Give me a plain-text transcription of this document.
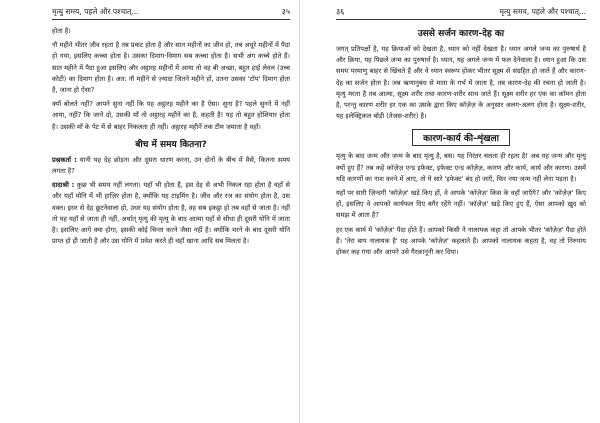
मृत्यु समय, पहले और पश्चात्...	३५

होता है।

नौ महीने भीतर जीव रहता है तब प्रकट होता है और सात महीनों का जीव हो, तब अधूरे महीनों में पैदा हो गया, इसलिए कच्चा होता है। उसका दिमाग-विमाग सब कच्चा होता है। सभी अंग कच्चे होते हैं। सात महीने में पैदा हुआ इसलिए और अट्ठारह महीनों में आया तो वह बी अच्छा, बहुत हाई लेवल (उच्च कोटी) का दिमाग होता है। अत: नौ महीने से ज़्यादा जितने महीने हों, उतना उसका 'टॉप' दिमाग होता है, जाना हो ऐसा?

क्यों बोलते नहीं? आपने सुना नहीं कि यह अट्ठारह महीने का है ऐसा। सुना है? पहले सुनने में नहीं आया, नहीं? कि जाने दो, उसकी माँ तो अट्ठारह महीने का है, कहती है! यह तो बहुत होशियार होता है। उसकी माँ के पेट में से बाहर निकलता ही नहीं। अट्ठारह महीनें तक टीम जमाता है वहाँ।

बीच में समय कितना?

प्रश्नकर्ता : यानी यह देह छोड़ना और दूसरा धारण करना, उन दोनों के बीच में वैसे, कितना समय लगता है?

दादाश्री : कुछ भी समय नहीं लगता। यहाँ भी होता है, इस देह से अभी निकल रहा होता है वहाँ से और यहाँ योनि में भी हाज़िर होता है, क्योंकि यह टाइमिंग है। जीव और रज का संयोग होता है, उस वक्त। इधर से देह छूटनेवाला हो, उधर यह संयोग होता है, वह सब इकट्ठा हो तब वहाँ से जाता है। नहीं तो यह यहाँ से जाता ही नहीं, अर्थात् मृत्यु की मृत्यु के बाद आत्मा यहाँ से सीधा ही दूसरी योनि में जाता है। इसलिए आगे क्या होगा, इसकी कोई चिन्ता करने जैसा नहीं है। क्योंकि मरने के बाद दूसरी योनि प्राप्त हो ही जाती है और उस योनि में प्रवेश करते ही वहाँ खाना आदि सब मिलता है।

३६	मृत्यु समय, पहले और पश्चात्...
उससे सर्जन कारण-देह का

जगत् प्रतिपक्षों है, यह क्रियाओं को देखता है, ध्यान को नहीं देखता है। ध्यान अगले जन्म का पुरुषार्थ है और क्रिया, यह पिछले जन्म का पुरुषार्थ है। ध्यान, यह अगले जन्म में फल देनेवाला है। ध्यान हुआ कि उस समय परमाणु बाहर से खिंचते हैं और वे ध्यान स्वरूप होकर भीतर सूक्ष्म से संग्रहित हो जाते हैं और कारण-देह का सर्जन होता है। जब ऋणानुबंध से माता के गर्भ में जाता है, तब कारण-देह की रचना हो जाती है। मृत्यु मरता है तब आत्मा, सूक्ष्म शरीर तथा कारण-शरीर साथ जाते हैं। सूक्ष्म शरीर हर एक का कॉमन होता है, परन्तु कारण शरीर हर एक का उसके द्वारा किए कॉज़ेज़ के अनुसार अलग-अलग होता है। सूक्ष्म-शरीर, यह इलेक्ट्रिकल बॉडी (तेजस-शरीर) है।

कारण-कार्य की-शृंखला

मृत्यु के बाद जन्म और जन्म के बाद मृत्यु है, बस। यह निरंतर चलता ही रहता है! अब यह जन्म और मृत्यु क्यों हुए हैं? तब कहे कॉज़ेज़ एन्ड इफेक्ट, इफेक्ट एन्ड कॉज़ेज़, कारण और कार्य, कार्य और कारण। उसमें यदि कारणों का नाश करने में आए, तो ये सारे 'इफेक्ट' बंद हो जाएँ, फिर नया जन्म नहीं लेना पड़ता है।

यहाँ पर सारी ज़िन्दगी 'कॉज़ेज़' खड़े किए हों, वे आपके 'कॉज़ेज़' किस के वहाँ जाएँगे? और 'कॉज़ेज़' किए हों, इसलिए वे आपको कार्यफल दिए बगैर रहेंगे नहीं। 'कॉज़ेज़' खड़े किए हुए हैं, ऐसा आपको ख़ुद को समझ में आता है?

हर एक कार्य में 'कॉज़ेज़' पैदा होते हैं। आपको किसी ने नालायक कहा तो आपके भीतर 'कॉज़ेज़' पैदा होते हैं। 'तेरा बाप नालायक है' यह आपके 'कॉज़ेज़' कहलाते हैं। आपको नालायक कहता है, वह तो निरुपाय होकर कह गया और आपने उसे गैरक़ानूनी कर दिया।
